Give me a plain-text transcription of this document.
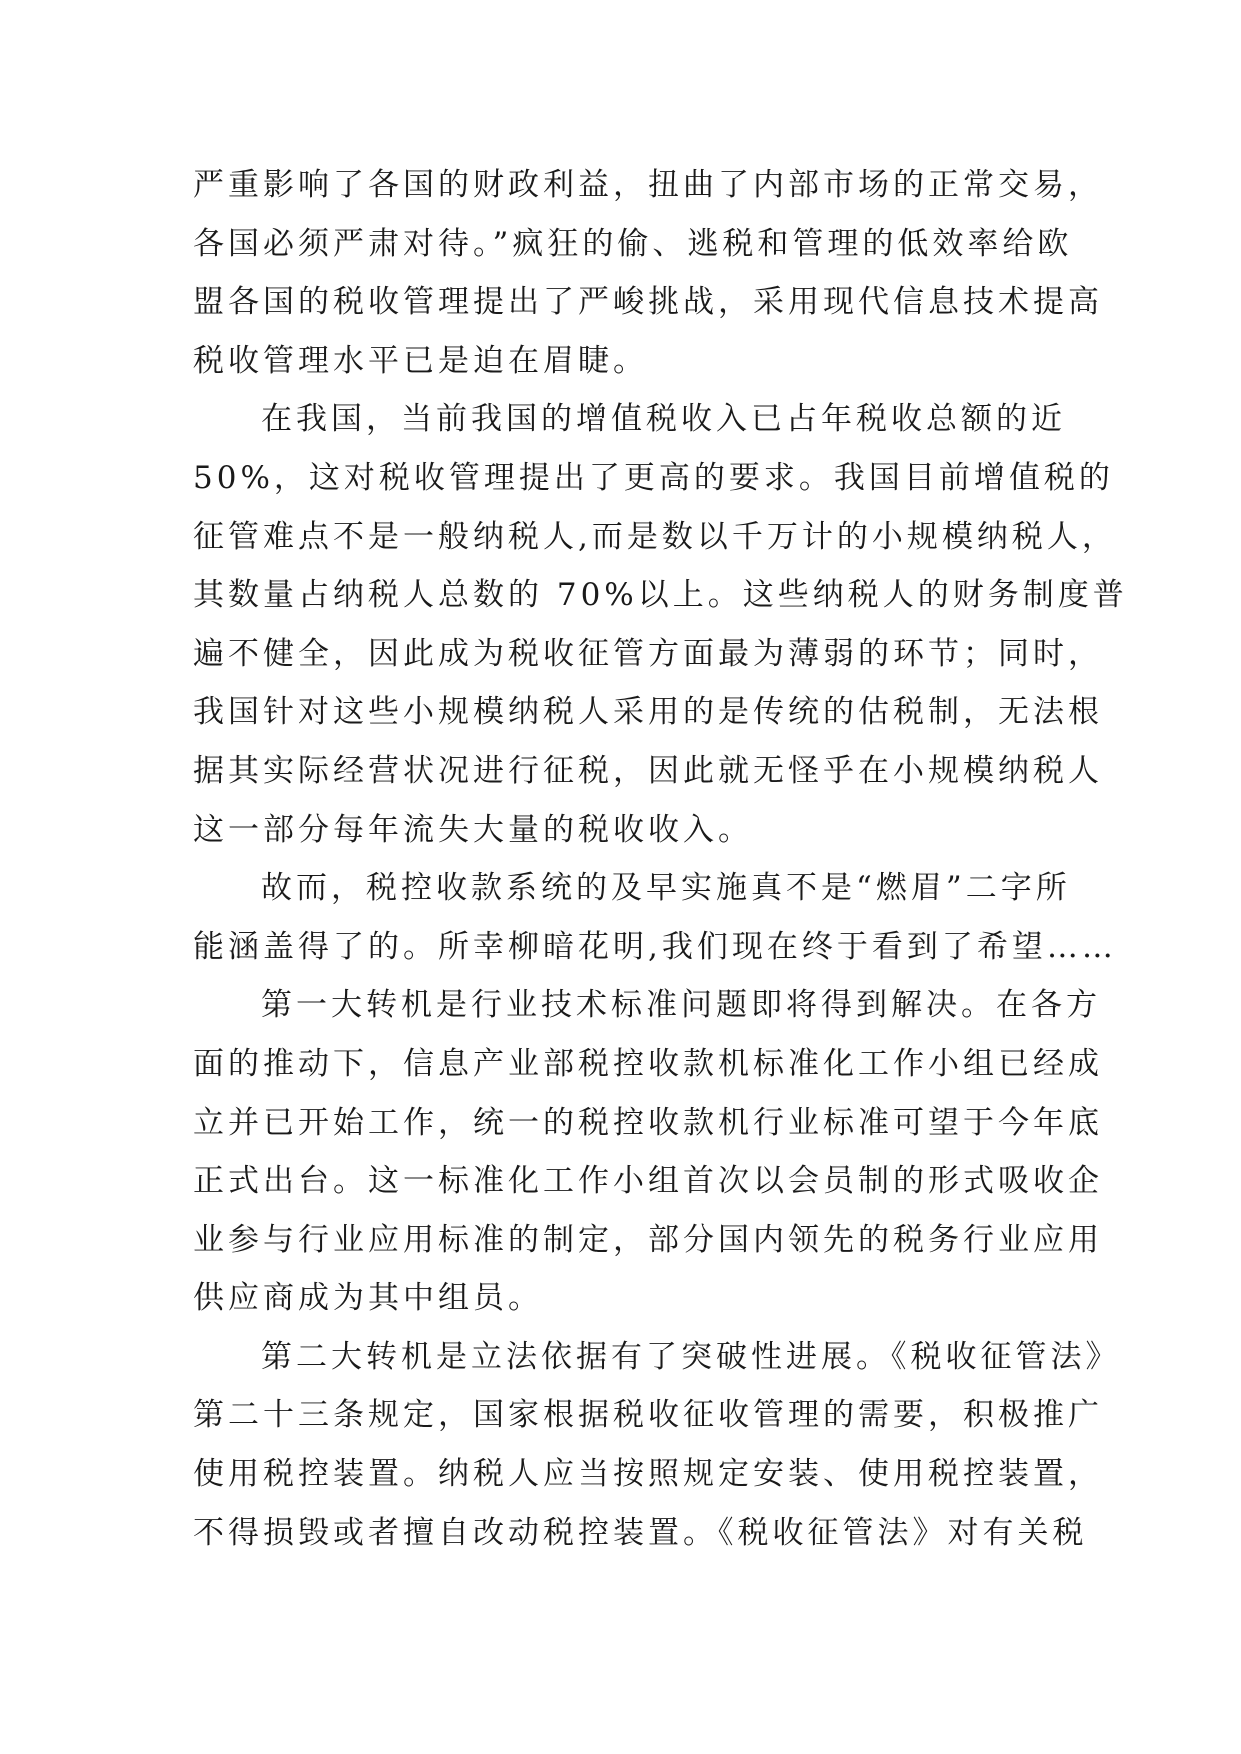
严重影响了各国的财政利益，扭曲了内部市场的正常交易，
各国必须严肃对待。”疯狂的偷、逃税和管理的低效率给欧
盟各国的税收管理提出了严峻挑战，采用现代信息技术提高
税收管理水平已是迫在眉睫。
在我国，当前我国的增值税收入已占年税收总额的近
50%，这对税收管理提出了更高的要求。我国目前增值税的
征管难点不是一般纳税人,而是数以千万计的小规模纳税人，
其数量占纳税人总数的 70%以上。这些纳税人的财务制度普
遍不健全，因此成为税收征管方面最为薄弱的环节；同时，
我国针对这些小规模纳税人采用的是传统的估税制，无法根
据其实际经营状况进行征税，因此就无怪乎在小规模纳税人
这一部分每年流失大量的税收收入。
故而，税控收款系统的及早实施真不是“燃眉”二字所
能涵盖得了的。所幸柳暗花明,我们现在终于看到了希望……
第一大转机是行业技术标准问题即将得到解决。在各方
面的推动下，信息产业部税控收款机标准化工作小组已经成
立并已开始工作，统一的税控收款机行业标准可望于今年底
正式出台。这一标准化工作小组首次以会员制的形式吸收企
业参与行业应用标准的制定，部分国内领先的税务行业应用
供应商成为其中组员。
第二大转机是立法依据有了突破性进展。《税收征管法》
第二十三条规定，国家根据税收征收管理的需要，积极推广
使用税控装置。纳税人应当按照规定安装、使用税控装置，
不得损毁或者擅自改动税控装置。《税收征管法》对有关税
